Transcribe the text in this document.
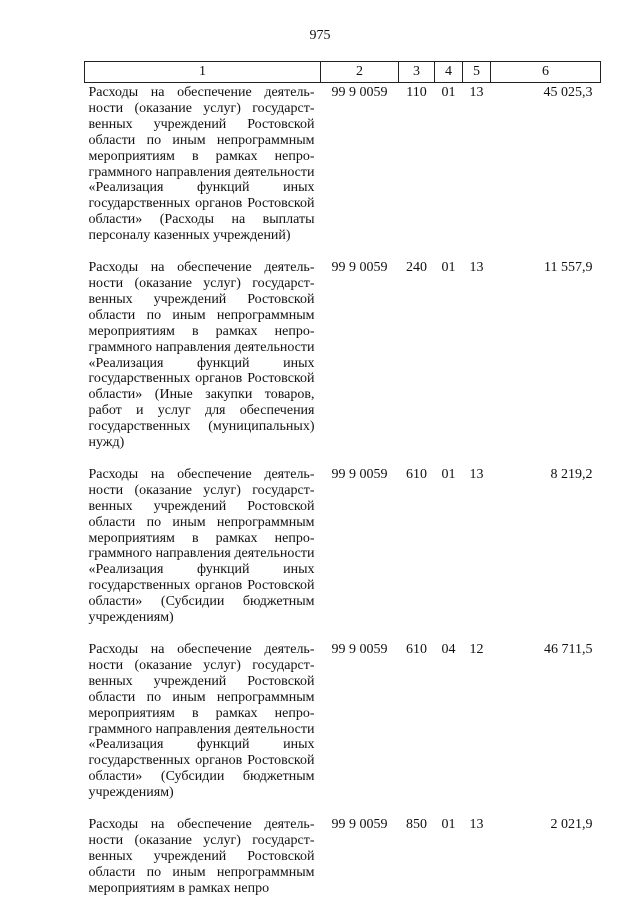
975
1	2	3	4	5	6
Расходы на обеспечение деятельности (оказание услуг) государственных учреждений Ростовской области по иным непрограммным мероприятиям в рамках непрограммного направления деятельности «Реализация функций иных государственных органов Ростовской области» (Расходы на выплаты персоналу казенных учреждений)	99 9 0059	110	01	13	45 025,3
Расходы на обеспечение деятельности (оказание услуг) государственных учреждений Ростовской области по иным непрограммным мероприятиям в рамках непрограммного направления деятельности «Реализация функций иных государственных органов Ростовской области» (Иные закупки товаров, работ и услуг для обеспечения государственных (муниципальных) нужд)	99 9 0059	240	01	13	11 557,9
Расходы на обеспечение деятельности (оказание услуг) государственных учреждений Ростовской области по иным непрограммным мероприятиям в рамках непрограммного направления деятельности «Реализация функций иных государственных органов Ростовской области» (Субсидии бюджетным учреждениям)	99 9 0059	610	01	13	8 219,2
Расходы на обеспечение деятельности (оказание услуг) государственных учреждений Ростовской области по иным непрограммным мероприятиям в рамках непрограммного направления деятельности «Реализация функций иных государственных органов Ростовской области» (Субсидии бюджетным учреждениям)	99 9 0059	610	04	12	46 711,5
Расходы на обеспечение деятельности (оказание услуг) государственных учреждений Ростовской области по иным непрограммным мероприятиям в рамках непро	99 9 0059	850	01	13	2 021,9
